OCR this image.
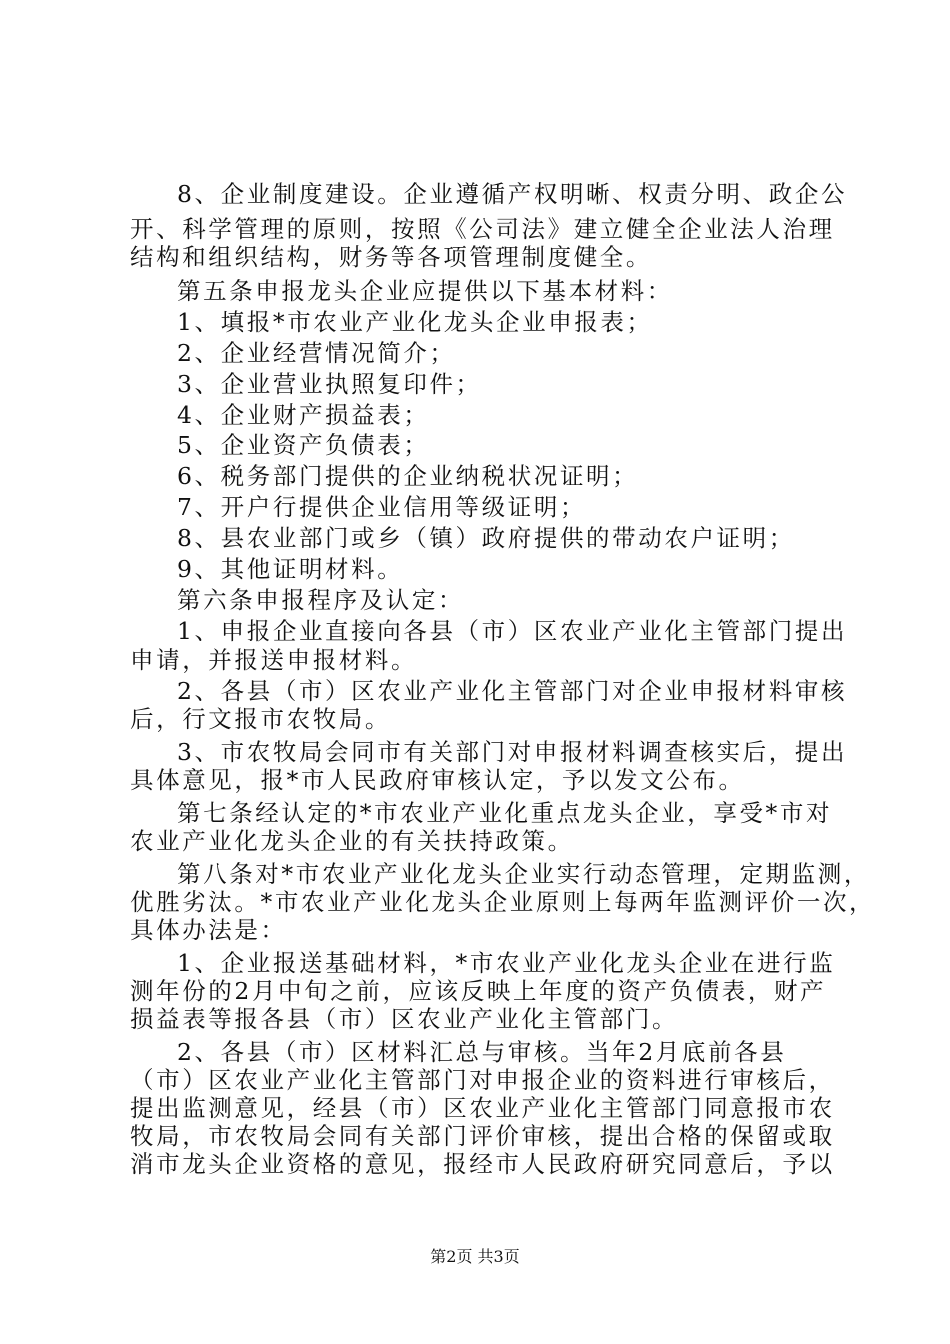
8、企业制度建设。企业遵循产权明晰、权责分明、政企公

开、科学管理的原则，按照《公司法》建立健全企业法人治理

结构和组织结构，财务等各项管理制度健全。

第五条申报龙头企业应提供以下基本材料：

1、填报*市农业产业化龙头企业申报表；

2、企业经营情况简介；

3、企业营业执照复印件；

4、企业财产损益表；

5、企业资产负债表；

6、税务部门提供的企业纳税状况证明；

7、开户行提供企业信用等级证明；

8、县农业部门或乡（镇）政府提供的带动农户证明；

9、其他证明材料。

第六条申报程序及认定：

1、申报企业直接向各县（市）区农业产业化主管部门提出

申请，并报送申报材料。

2、各县（市）区农业产业化主管部门对企业申报材料审核

后，行文报市农牧局。

3、市农牧局会同市有关部门对申报材料调查核实后，提出

具体意见，报*市人民政府审核认定，予以发文公布。

第七条经认定的*市农业产业化重点龙头企业，享受*市对

农业产业化龙头企业的有关扶持政策。

第八条对*市农业产业化龙头企业实行动态管理，定期监测，

优胜劣汰。*市农业产业化龙头企业原则上每两年监测评价一次，

具体办法是：

1、企业报送基础材料，*市农业产业化龙头企业在进行监

测年份的2月中旬之前，应该反映上年度的资产负债表，财产

损益表等报各县（市）区农业产业化主管部门。

2、各县（市）区材料汇总与审核。当年2月底前各县

（市）区农业产业化主管部门对申报企业的资料进行审核后，

提出监测意见，经县（市）区农业产业化主管部门同意报市农

牧局，市农牧局会同有关部门评价审核，提出合格的保留或取

消市龙头企业资格的意见，报经市人民政府研究同意后，予以

第2页 共3页
